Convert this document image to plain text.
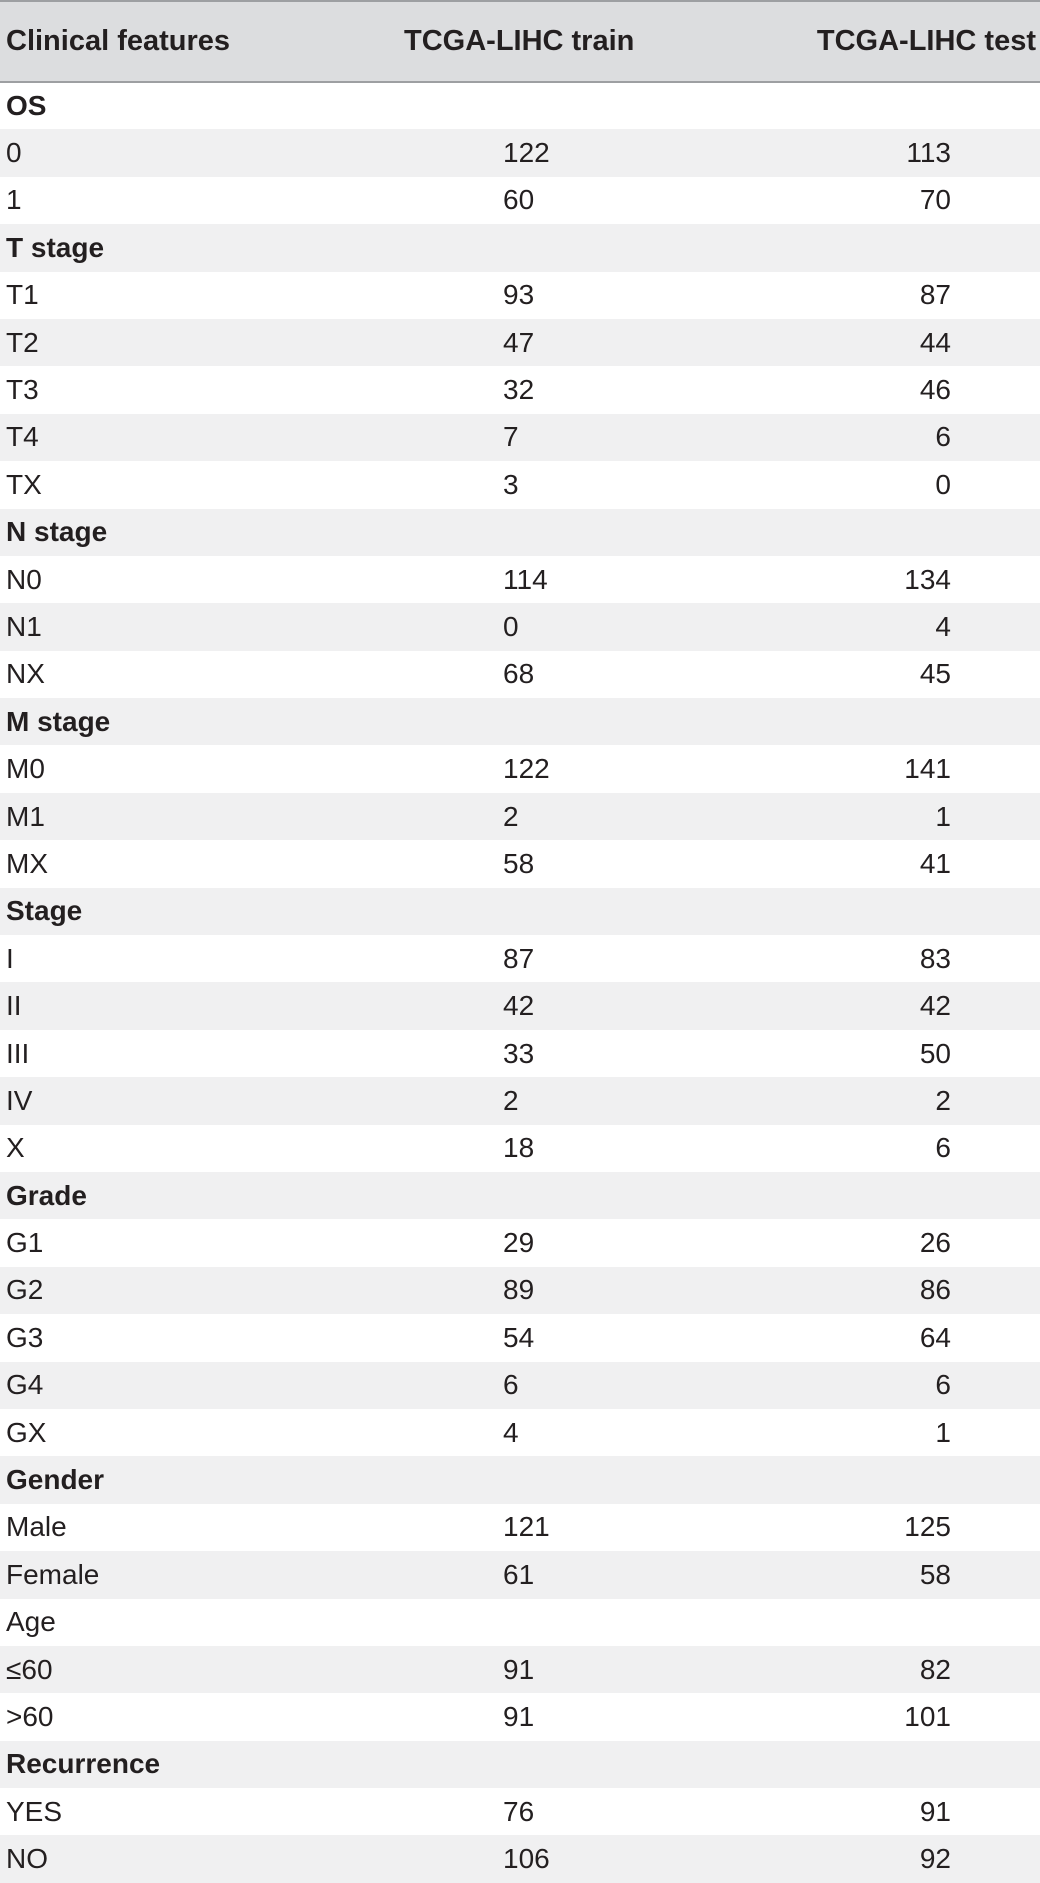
Clinical features	TCGA-LIHC train	TCGA-LIHC test
OS		
0	122	113
1	60	70
T stage		
T1	93	87
T2	47	44
T3	32	46
T4	7	6
TX	3	0
N stage		
N0	114	134
N1	0	4
NX	68	45
M stage		
M0	122	141
M1	2	1
MX	58	41
Stage		
I	87	83
II	42	42
III	33	50
IV	2	2
X	18	6
Grade		
G1	29	26
G2	89	86
G3	54	64
G4	6	6
GX	4	1
Gender		
Male	121	125
Female	61	58
Age		
≤60	91	82
>60	91	101
Recurrence		
YES	76	91
NO	106	92
